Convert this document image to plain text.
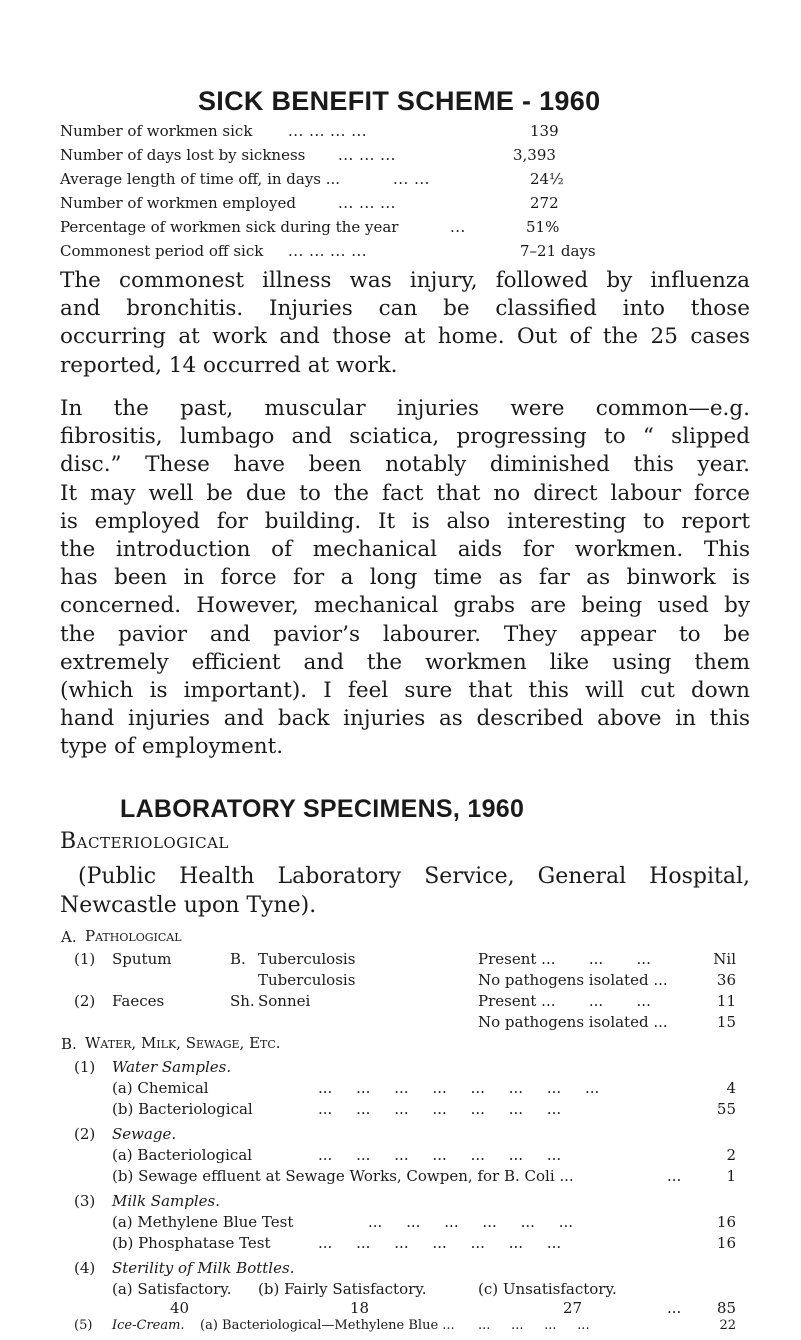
SICK BENEFIT SCHEME - 1960
Number of workmen sick ... ... ... ...	139
Number of days lost by sickness ... ... ...	3,393
Average length of time off, in days ...	... ...	24½
Number of workmen employed	... ... ...	272
Percentage of workmen sick during the year	...	51%
Commonest period off sick ... ... ... ...	7–21 days
The commonest illness was injury, followed by influenza
and bronchitis. Injuries can be classified into those
occurring at work and those at home. Out of the 25 cases
reported, 14 occurred at work.
In the past, muscular injuries were common—e.g.
fibrositis, lumbago and sciatica, progressing to “ slipped
disc.” These have been notably diminished this year.
It may well be due to the fact that no direct labour force
is employed for building. It is also interesting to report
the introduction of mechanical aids for workmen. This
has been in force for a long time as far as binwork is
concerned. However, mechanical grabs are being used by
the pavior and pavior’s labourer. They appear to be
extremely efficient and the workmen like using them
(which is important). I feel sure that this will cut down
hand injuries and back injuries as described above in this
type of employment.
LABORATORY SPECIMENS, 1960
Bacteriological
(Public Health Laboratory Service, General Hospital,
Newcastle upon Tyne).
A. Pathological
(1) Sputum	B. Tuberculosis	Present ...       ...       ...	Nil
Tuberculosis	No pathogens isolated ...	36
(2) Faeces	Sh. Sonnei	Present ...       ...       ...	11
No pathogens isolated ...	15
B. Water, Milk, Sewage, Etc.
(1) Water Samples.
(a) Chemical	...     ...     ...     ...     ...     ...     ...     ...	4
(b) Bacteriological	...     ...     ...     ...     ...     ...     ...	55
(2) Sewage.
(a) Bacteriological	...     ...     ...     ...     ...     ...     ...	2
(b) Sewage effluent at Sewage Works, Cowpen, for B. Coli ...	...	1
(3) Milk Samples.
(a) Methylene Blue Test	...     ...     ...     ...     ...     ...	16
(b) Phosphatase Test	...     ...     ...     ...     ...     ...     ...	16
(4) Sterility of Milk Bottles.
(a) Satisfactory. (b) Fairly Satisfactory.	(c) Unsatisfactory.
40	18	27	...	85
(5) Ice-Cream. (a) Bacteriological—Methylene Blue ... ...     ...     ...     ...	22
